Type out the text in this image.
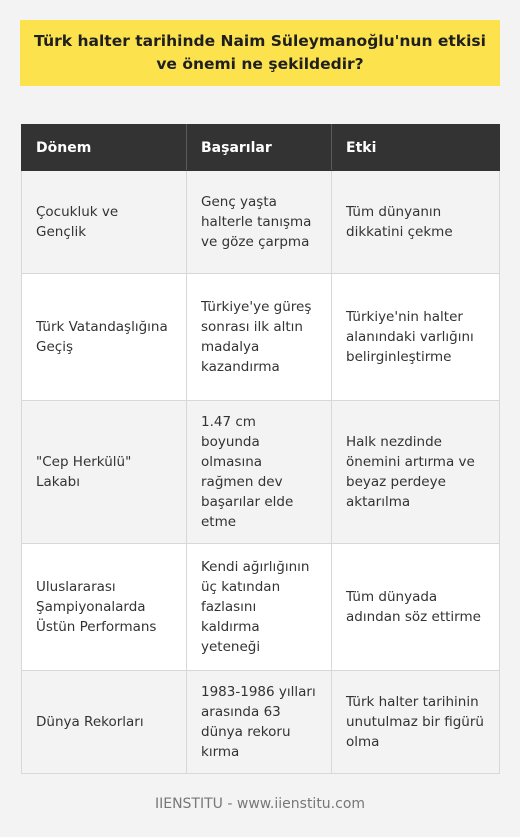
Türk halter tarihinde Naim Süleymanoğlu'nun etkisi ve önemi ne şekildedir?
Dönem	Başarılar	Etki
Çocukluk ve Gençlik	Genç yaşta halterle tanışma ve göze çarpma	Tüm dünyanın dikkatini çekme
Türk Vatandaşlığına Geçiş	Türkiye'ye güreş sonrası ilk altın madalya kazandırma	Türkiye'nin halter alanındaki varlığını belirginleştirme
"Cep Herkülü" Lakabı	1.47 cm boyunda olmasına rağmen dev başarılar elde etme	Halk nezdinde önemini artırma ve beyaz perdeye aktarılma
Uluslararası Şampiyonalarda Üstün Performans	Kendi ağırlığının üç katından fazlasını kaldırma yeteneği	Tüm dünyada adından söz ettirme
Dünya Rekorları	1983-1986 yılları arasında 63 dünya rekoru kırma	Türk halter tarihinin unutulmaz bir figürü olma
IIENSTITU - www.iienstitu.com
